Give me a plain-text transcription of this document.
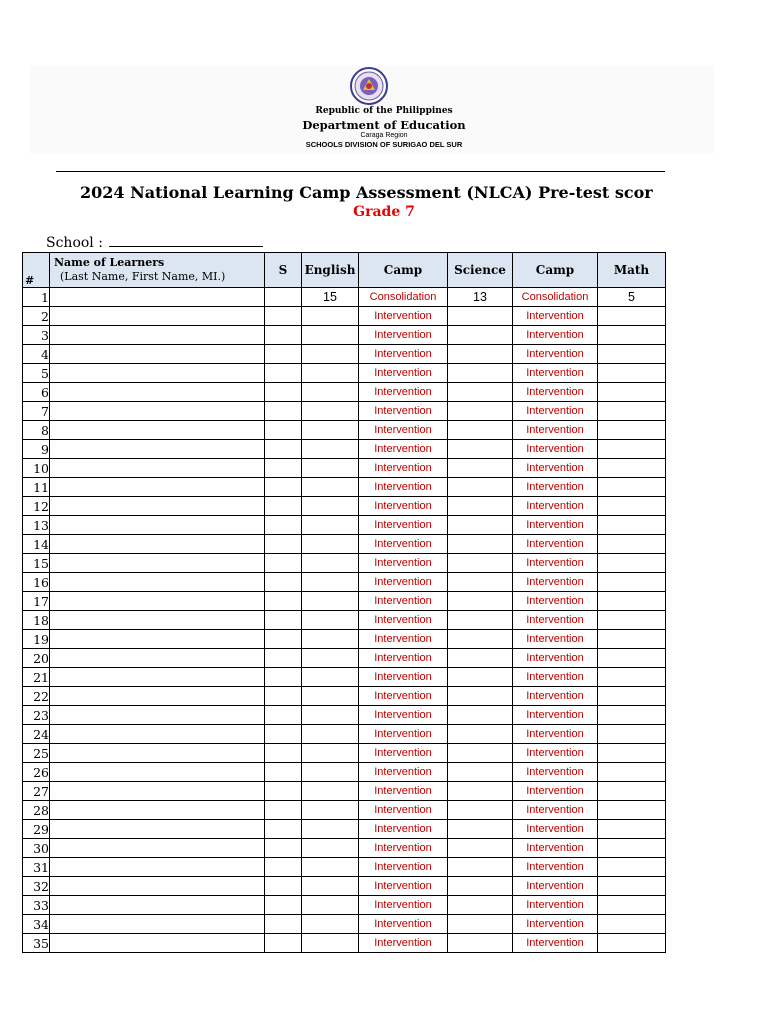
Republic of the Philippines
Department of Education
Caraga Region
SCHOOLS DIVISION OF SURIGAO DEL SUR
2024 National Learning Camp Assessment (NLCA) Pre-test scor
Grade 7
School :
#	Name of Learners
(Last Name, First Name, MI.)	S	English	Camp	Science	Camp	Math
1			15	Consolidation	13	Consolidation	5
2				Intervention		Intervention	
3				Intervention		Intervention	
4				Intervention		Intervention	
5				Intervention		Intervention	
6				Intervention		Intervention	
7				Intervention		Intervention	
8				Intervention		Intervention	
9				Intervention		Intervention	
10				Intervention		Intervention	
11				Intervention		Intervention	
12				Intervention		Intervention	
13				Intervention		Intervention	
14				Intervention		Intervention	
15				Intervention		Intervention	
16				Intervention		Intervention	
17				Intervention		Intervention	
18				Intervention		Intervention	
19				Intervention		Intervention	
20				Intervention		Intervention	
21				Intervention		Intervention	
22				Intervention		Intervention	
23				Intervention		Intervention	
24				Intervention		Intervention	
25				Intervention		Intervention	
26				Intervention		Intervention	
27				Intervention		Intervention	
28				Intervention		Intervention	
29				Intervention		Intervention	
30				Intervention		Intervention	
31				Intervention		Intervention	
32				Intervention		Intervention	
33				Intervention		Intervention	
34				Intervention		Intervention	
35				Intervention		Intervention	
